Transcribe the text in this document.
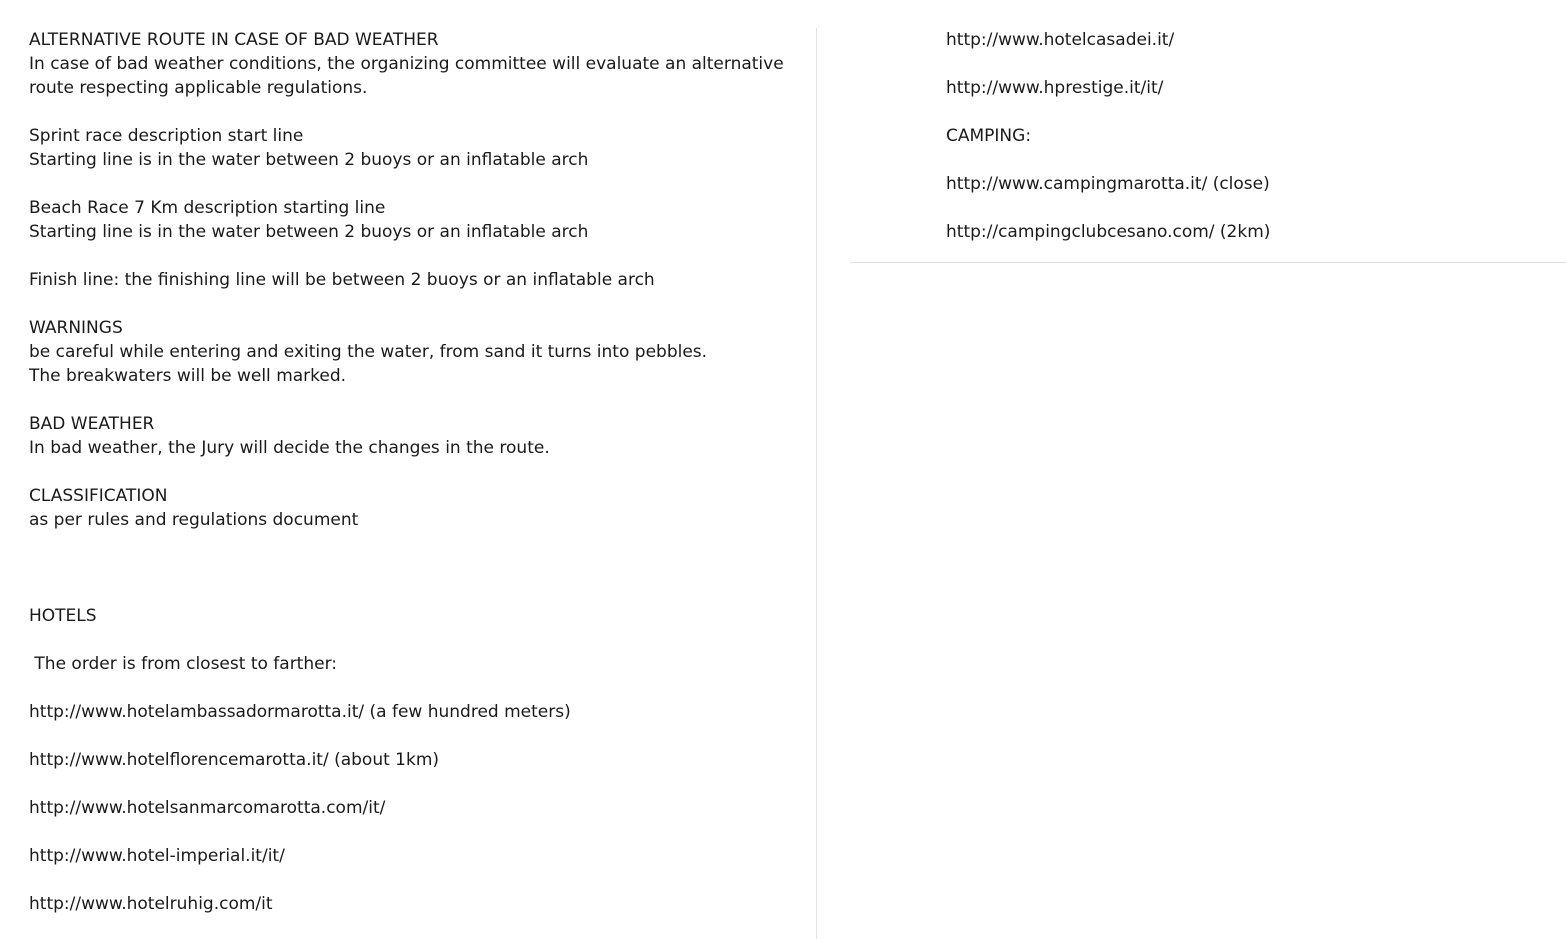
ALTERNATIVE ROUTE IN CASE OF BAD WEATHER
In case of bad weather conditions, the organizing committee will evaluate an alternative
route respecting applicable regulations.
Sprint race description start line
Starting line is in the water between 2 buoys or an inflatable arch
Beach Race 7 Km description starting line
Starting line is in the water between 2 buoys or an inflatable arch
Finish line: the finishing line will be between 2 buoys or an inflatable arch
WARNINGS
be careful while entering and exiting the water, from sand it turns into pebbles.
The breakwaters will be well marked.
BAD WEATHER
In bad weather, the Jury will decide the changes in the route.
CLASSIFICATION
as per rules and regulations document
HOTELS
The order is from closest to farther:
http://www.hotelambassadormarotta.it/ (a few hundred meters)
http://www.hotelflorencemarotta.it/ (about 1km)
http://www.hotelsanmarcomarotta.com/it/
http://www.hotel-imperial.it/it/
http://www.hotelruhig.com/it
http://www.hotelcasadei.it/
http://www.hprestige.it/it/
CAMPING:
http://www.campingmarotta.it/ (close)
http://campingclubcesano.com/ (2km)
